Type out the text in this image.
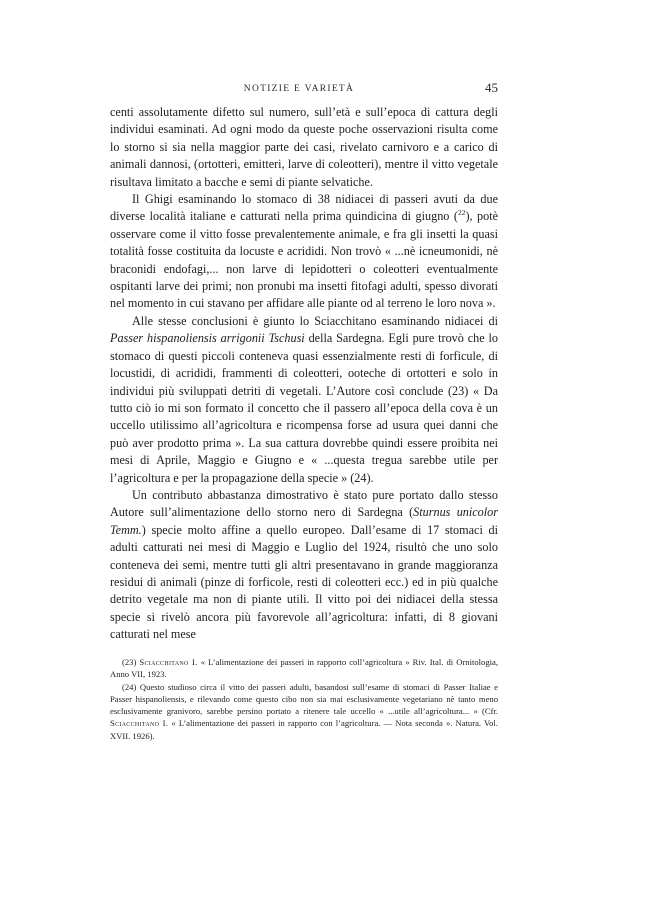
NOTIZIE E VARIETÀ	45

centi assolutamente difetto sul numero, sull’età e sull’epoca di cattura degli individui esaminati. Ad ogni modo da queste poche osservazioni risulta come lo storno si sia nella maggior parte dei casi, rivelato carnivoro e a carico di animali dannosi, (ortotteri, emitteri, larve di coleotteri), mentre il vitto vegetale risultava limitato a bacche e semi di piante selvatiche.

Il Ghigi esaminando lo stomaco di 38 nidiacei di passeri avuti da due diverse località italiane e catturati nella prima quindicina di giugno ($^{22}$), potè osservare come il vitto fosse prevalentemente animale, e fra gli insetti la quasi totalità fosse costituita da locuste e acrididi. Non trovò « ...nè icneumonidi, nè braconidi endofagi,... non larve di lepidotteri o coleotteri eventualmente ospitanti larve dei primi; non pronubi ma insetti fitofagi adulti, spesso divorati nel momento in cui stavano per affidare alle piante od al terreno le loro nova ».

Alle stesse conclusioni è giunto lo Sciacchitano esaminando nidiacei di Passer hispanoliensis arrigonii Tschusi della Sardegna. Egli pure trovò che lo stomaco di questi piccoli conteneva quasi essenzialmente resti di forficule, di locustidi, di acrididi, frammenti di coleotteri, ooteche di ortotteri e solo in individui più sviluppati detriti di vegetali. L’Autore così conclude (23) « Da tutto ciò io mi son formato il concetto che il passero all’epoca della cova è un uccello utilissimo all’agricoltura e ricompensa forse ad usura quei danni che può aver prodotto prima ». La sua cattura dovrebbe quindi essere proibita nei mesi di Aprile, Maggio e Giugno e « ...questa tregua sarebbe utile per l’agricoltura e per la propagazione della specie » (24).

Un contributo abbastanza dimostrativo è stato pure portato dallo stesso Autore sull’alimentazione dello storno nero di Sardegna (Sturnus unicolor Temm.) specie molto affine a quello europeo. Dall’esame di 17 stomaci di adulti catturati nei mesi di Maggio e Luglio del 1924, risultò che uno solo conteneva dei semi, mentre tutti gli altri presentavano in grande maggioranza residui di animali (pinze di forficole, resti di coleotteri ecc.) ed in più qualche detrito vegetale ma non di piante utili. Il vitto poi dei nidiacei della stessa specie si rivelò ancora più favorevole all’agricoltura: infatti, di 8 giovani catturati nel mese

(23) Sciacchitano I. « L’alimentazione dei passeri in rapporto coll’agricoltura » Riv. Ital. di Ornitologia, Anno VII, 1923.

(24) Questo studioso circa il vitto dei passeri adulti, basandosi sull’esame di stomaci di Passer Italiae e Passer hispanoliensis, e rilevando come questo cibo non sia mai esclusivamente vegetariano nè tanto meno esclusivamente granivoro, sarebbe persino portato a ritenere tale uccello « ...utile all’agricoltura... » (Cfr. Sciacchitano I. « L’alimentazione dei passeri in rapporto con l’agricoltura. — Nota seconda ». Natura. Vol. XVII. 1926).
